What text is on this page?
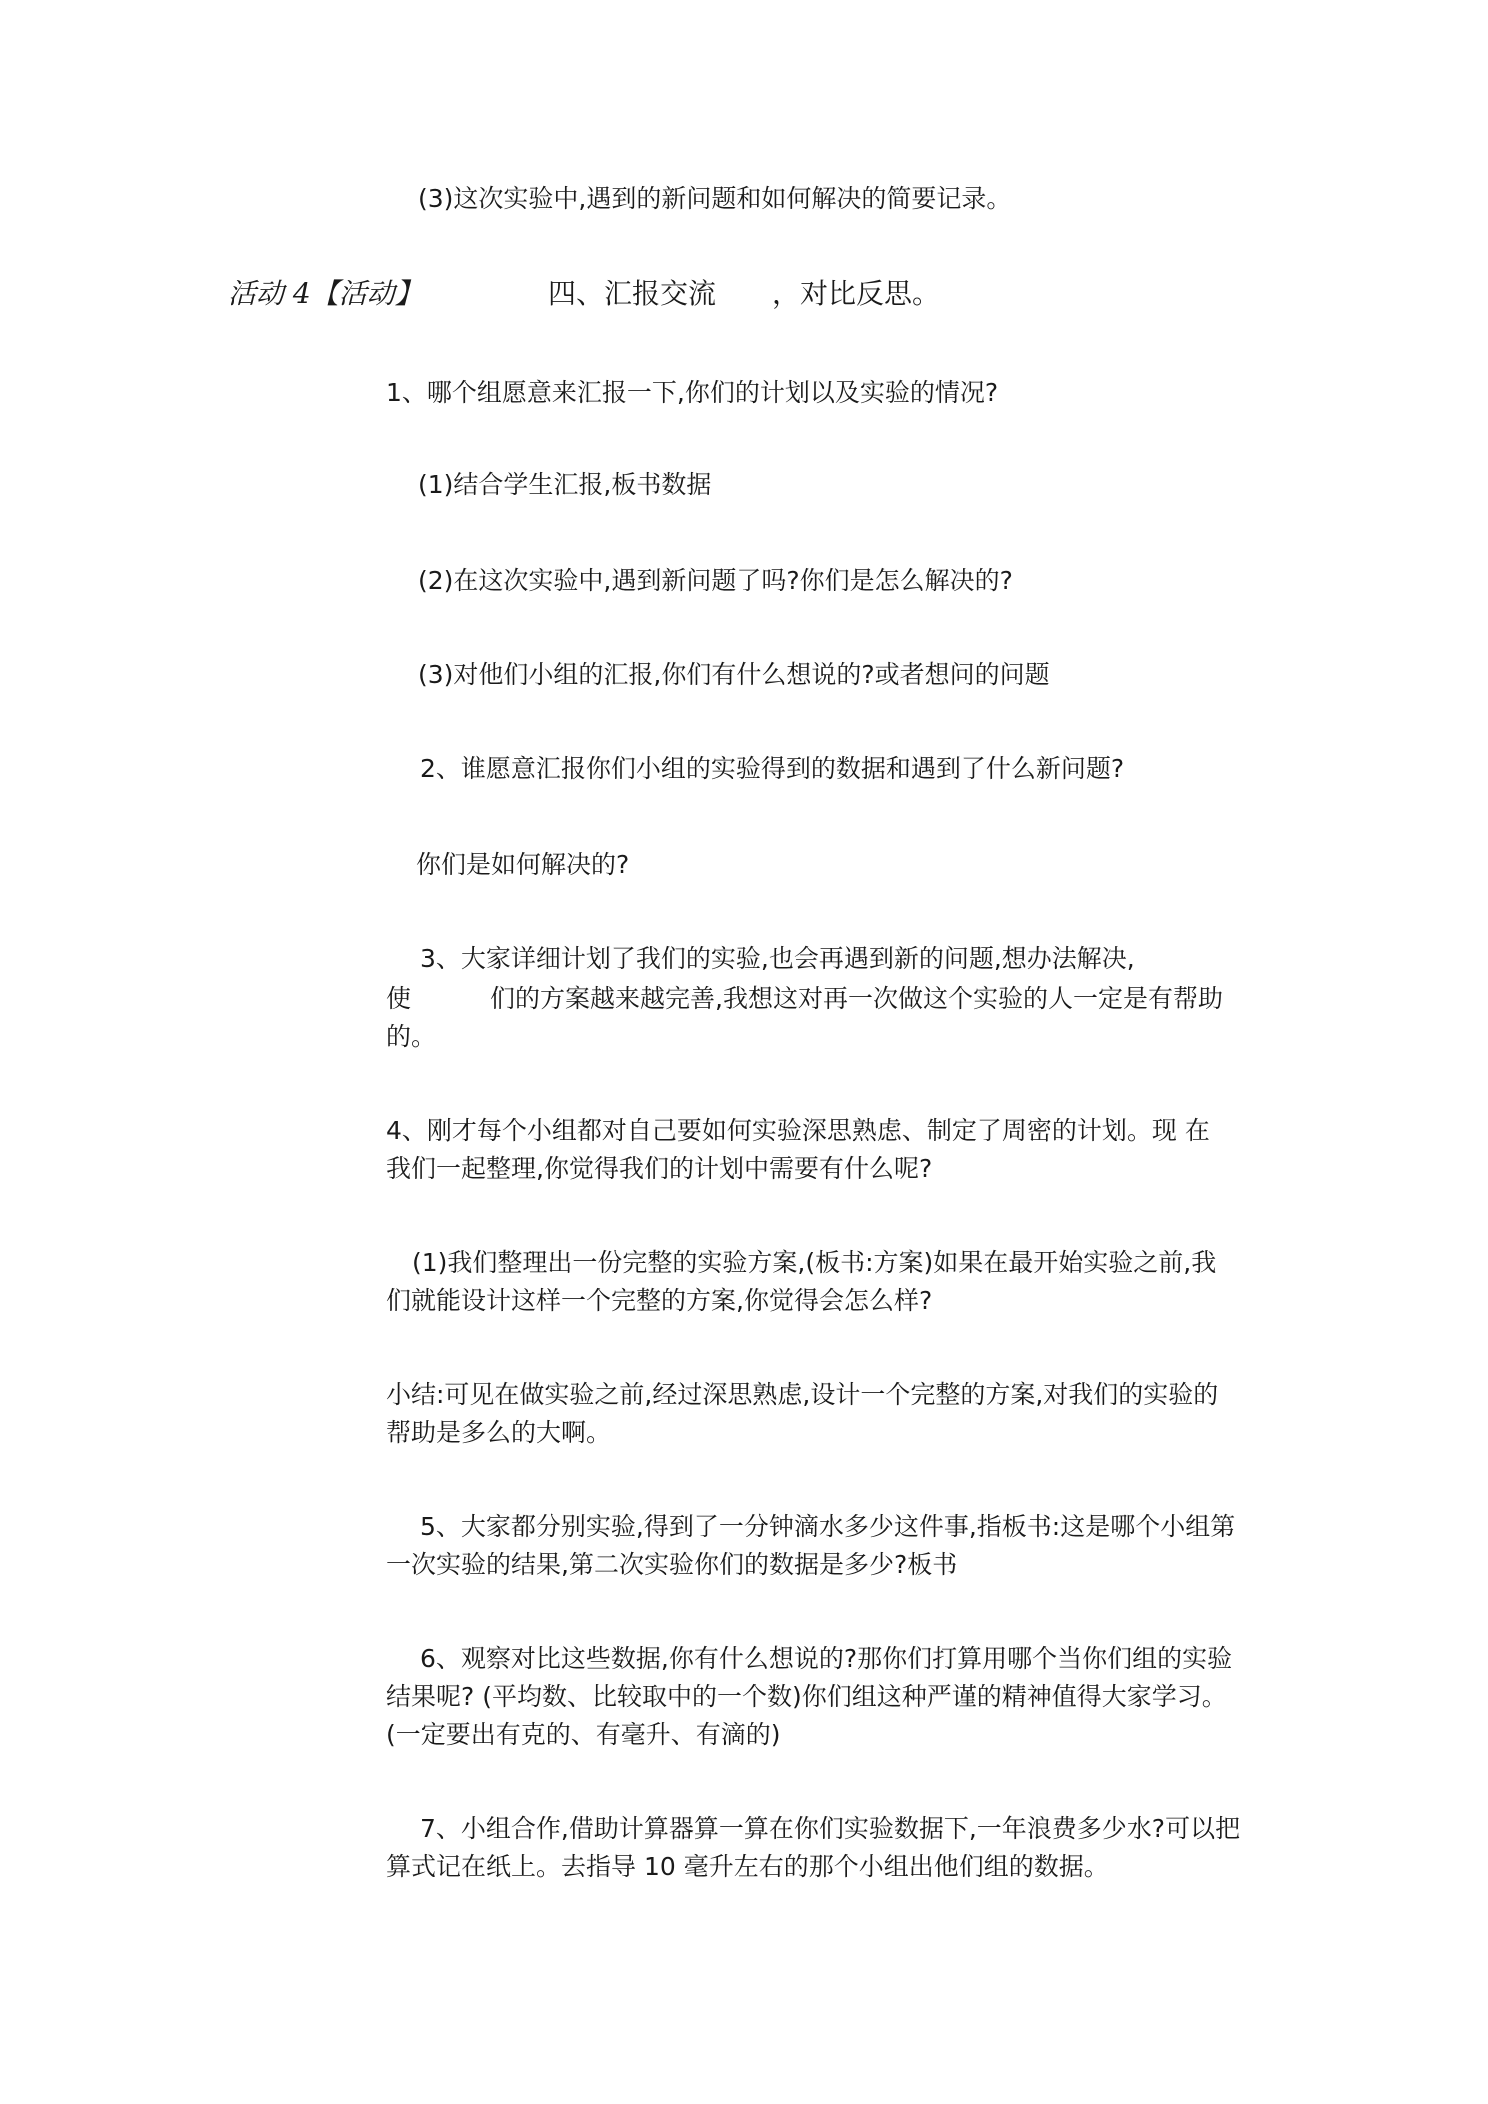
(3)这次实验中,遇到的新问题和如何解决的简要记录。

活动 4【活动】	四、汇报交流 ，对比反思。

1、哪个组愿意来汇报一下,你们的计划以及实验的情况?

(1)结合学生汇报,板书数据

(2)在这次实验中,遇到新问题了吗?你们是怎么解决的?

(3)对他们小组的汇报,你们有什么想说的?或者想问的问题

2、谁愿意汇报你们小组的实验得到的数据和遇到了什么新问题?

你们是如何解决的?

3、大家详细计划了我们的实验,也会再遇到新的问题,想办法解决,

使	们的方案越来越完善,我想这对再一次做这个实验的人一定是有帮助

的。

4、刚才每个小组都对自己要如何实验深思熟虑、制定了周密的计划。现 在

我们一起整理,你觉得我们的计划中需要有什么呢?

(1)我们整理出一份完整的实验方案,(板书:方案)如果在最开始实验之前,我

们就能设计这样一个完整的方案,你觉得会怎么样?

小结:可见在做实验之前,经过深思熟虑,设计一个完整的方案,对我们的实验的

帮助是多么的大啊。

5、大家都分别实验,得到了一分钟滴水多少这件事,指板书:这是哪个小组第

一次实验的结果,第二次实验你们的数据是多少?板书

6、观察对比这些数据,你有什么想说的?那你们打算用哪个当你们组的实验

结果呢? (平均数、比较取中的一个数)你们组这种严谨的精神值得大家学习。

(一定要出有克的、有毫升、有滴的)

7、小组合作,借助计算器算一算在你们实验数据下,一年浪费多少水?可以把

算式记在纸上。去指导 10 毫升左右的那个小组出他们组的数据。
